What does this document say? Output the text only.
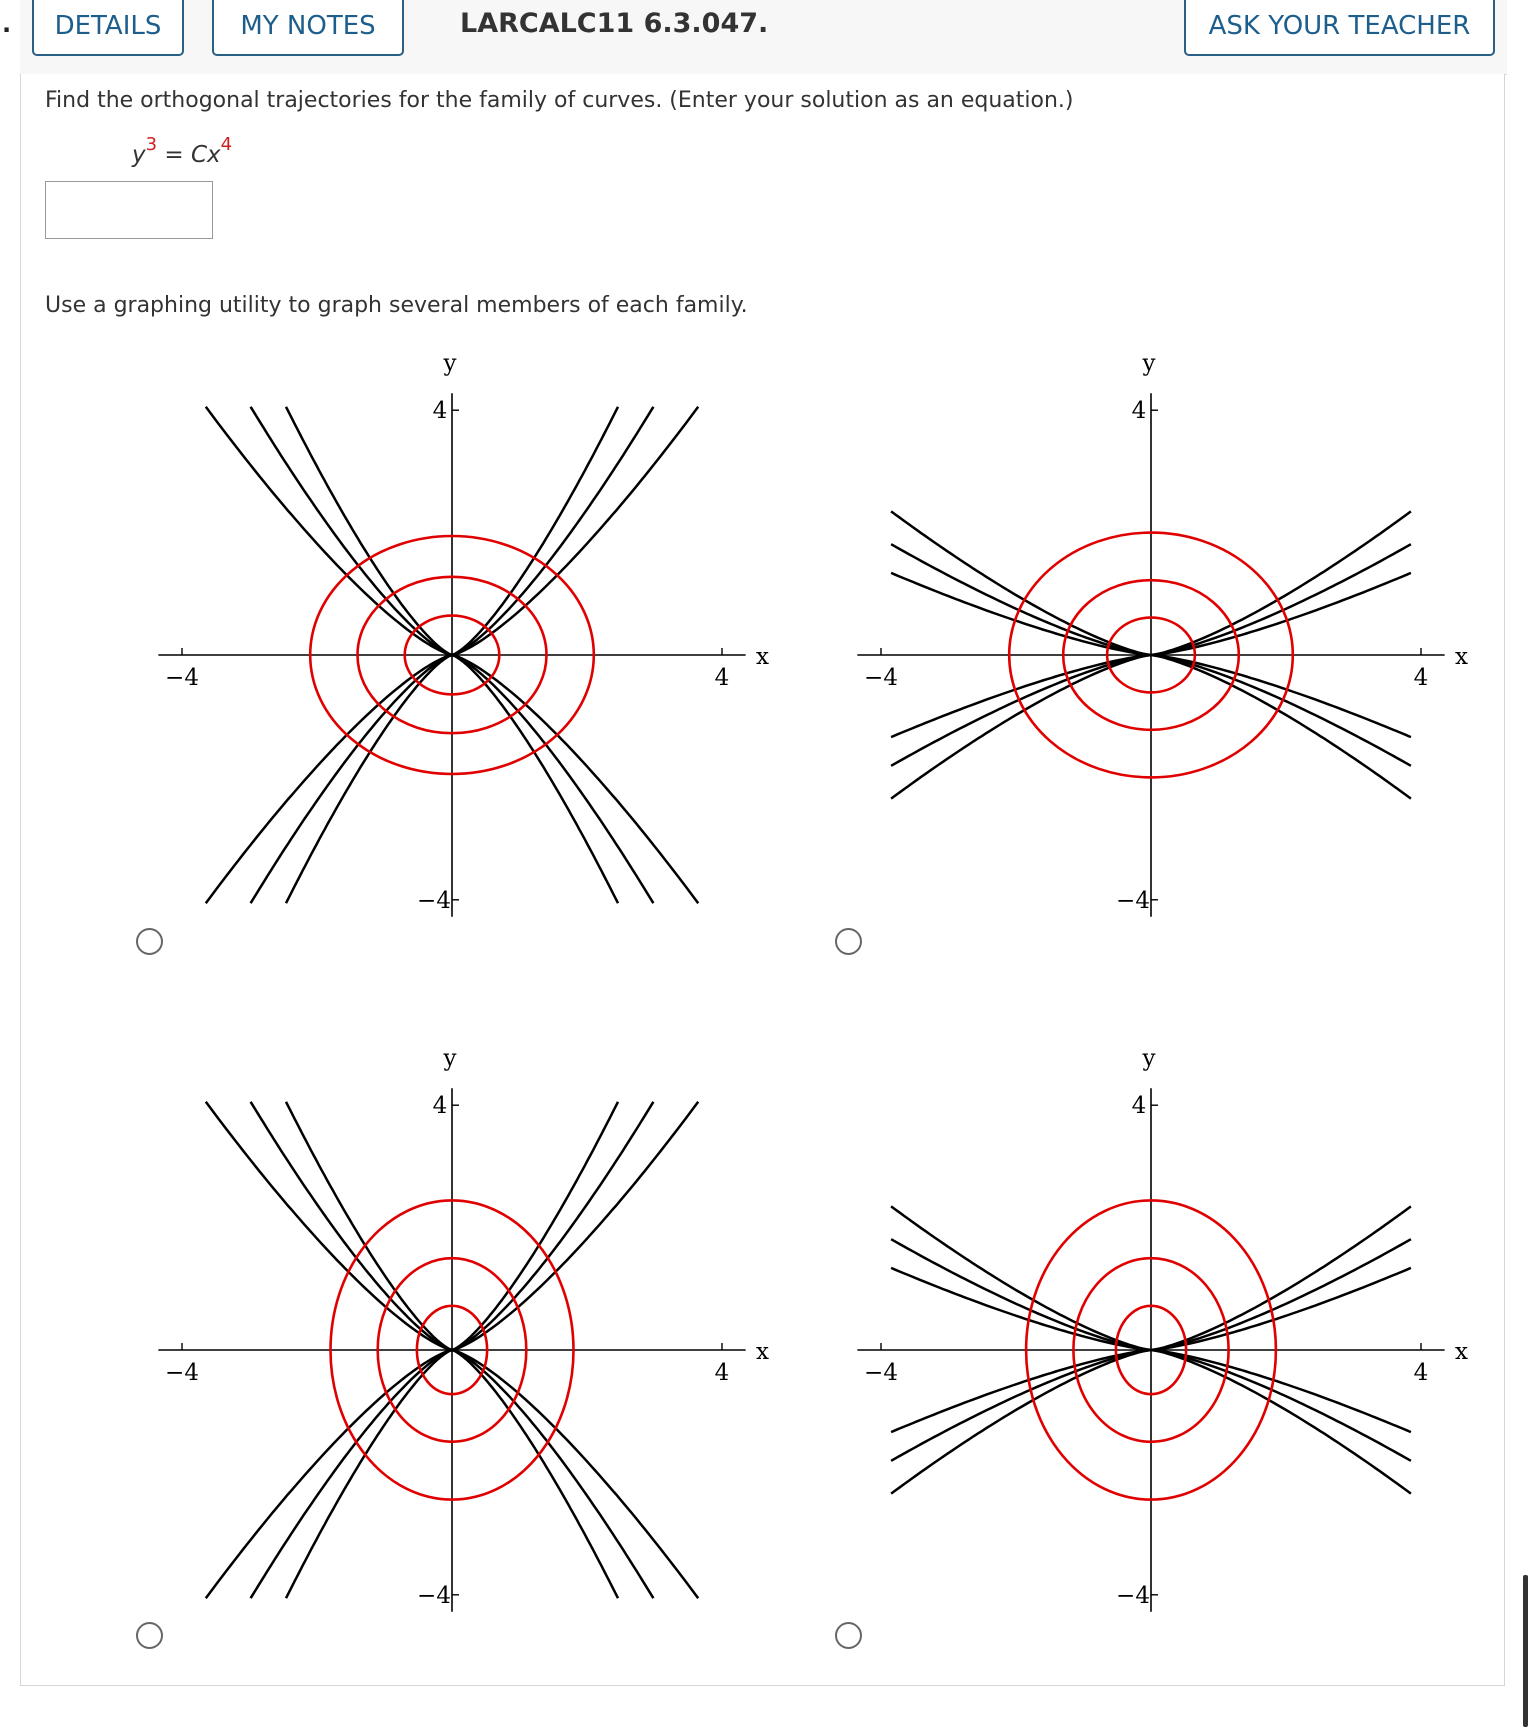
.	DETAILS	MY NOTES	LARCALC11 6.3.047.	ASK YOUR TEACHER
Find the orthogonal trajectories for the family of curves. (Enter your solution as an equation.)
$y^3 = Cx^4$
Use a graphing utility to graph several members of each family.
y
4
−4
−4	4
x
y
4
−4
−4	4
x
y
4
−4
−4	4
x
y
4
−4
−4	4
x
